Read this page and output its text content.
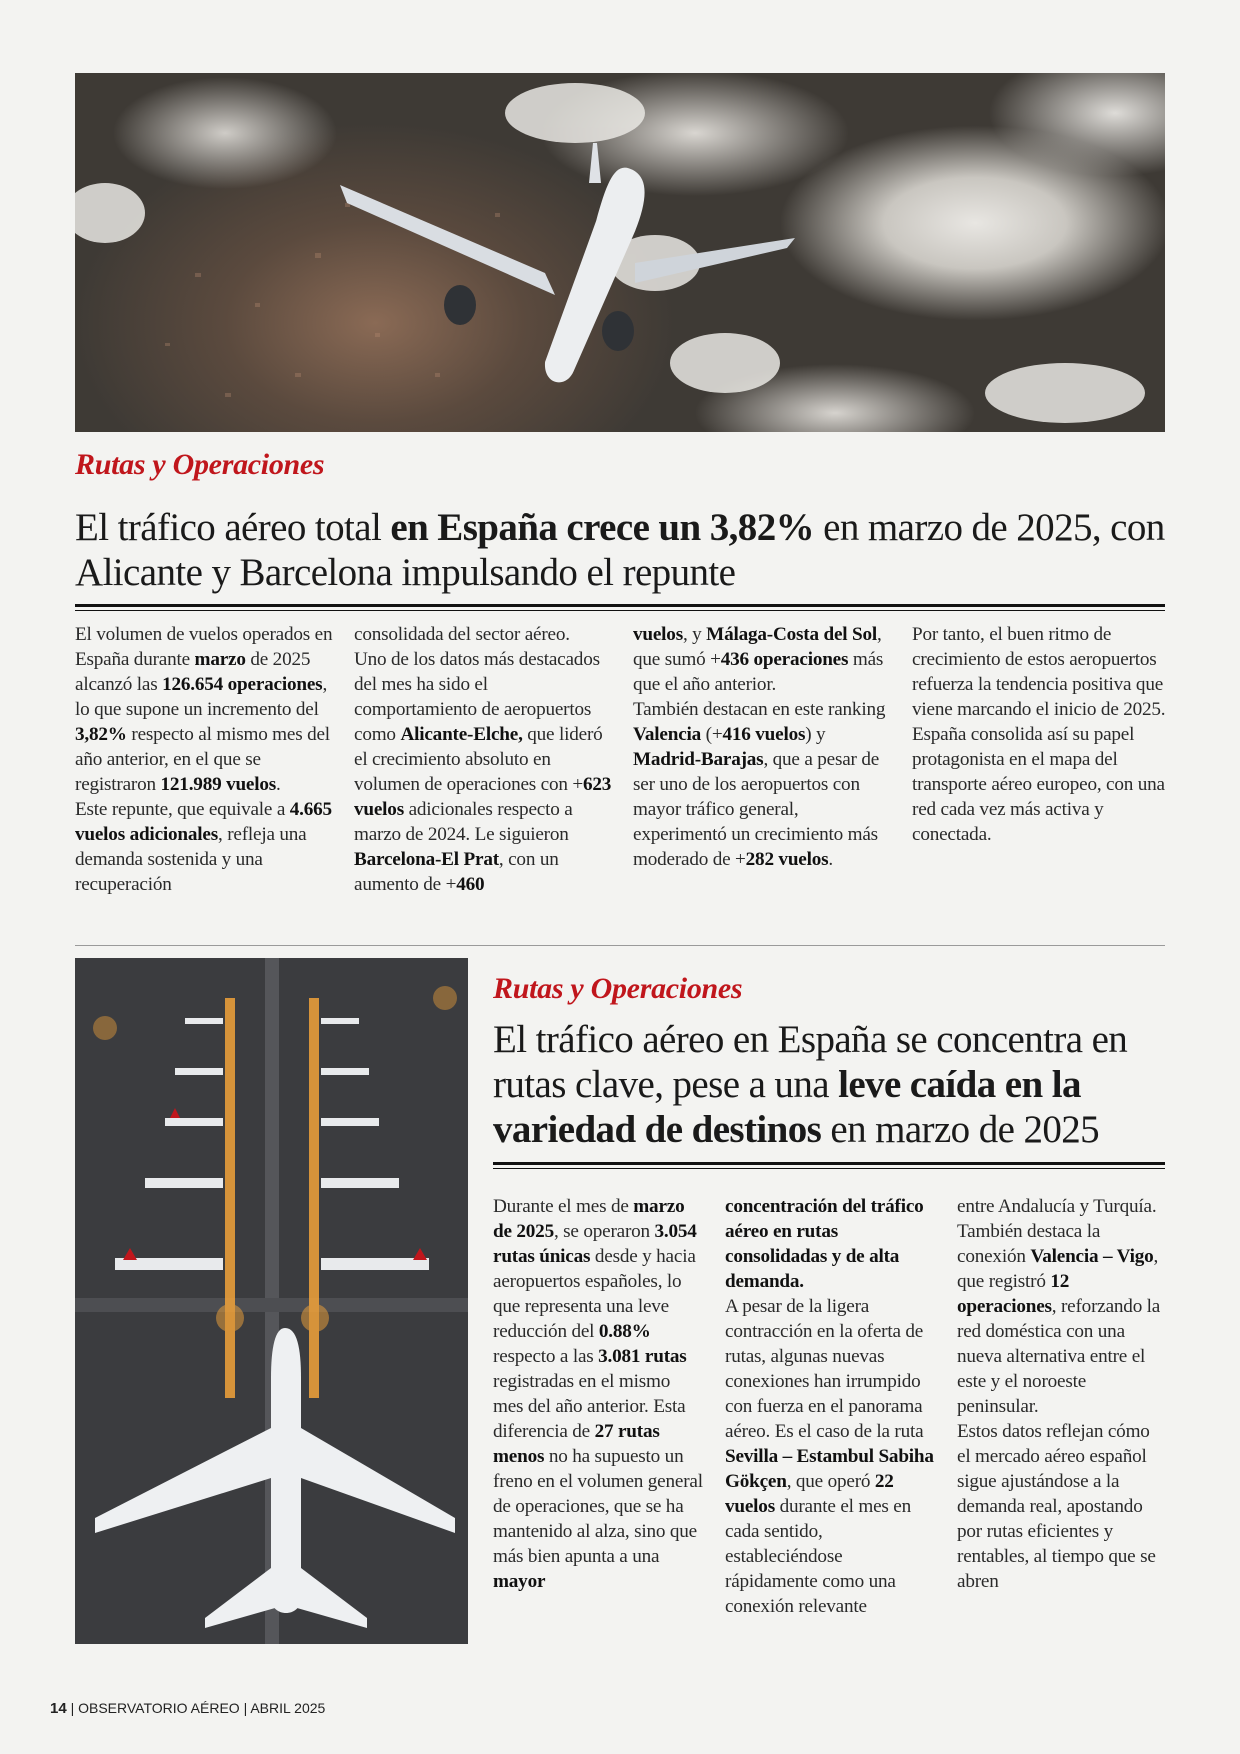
Rutas y Operaciones
El tráfico aéreo total en España crece un 3,82% en marzo de 2025, con Alicante y Barcelona impulsando el repunte
El volumen de vuelos operados en España durante marzo de 2025 alcanzó las 126.654 operaciones, lo que supone un incremento del 3,82% respecto al mismo mes del año anterior, en el que se registraron 121.989 vuelos.
Este repunte, que equivale a 4.665 vuelos adicionales, refleja una demanda sostenida y una recuperación
consolidada del sector aéreo.
Uno de los datos más destacados del mes ha sido el comportamiento de aeropuertos como Alicante-Elche, que lideró el crecimiento absoluto en volumen de operaciones con +623 vuelos adicionales respecto a marzo de 2024. Le siguieron Barcelona-El Prat, con un aumento de +460
vuelos, y Málaga-Costa del Sol, que sumó +436 operaciones más que el año anterior.
También destacan en este ranking Valencia (+416 vuelos) y Madrid-Barajas, que a pesar de ser uno de los aeropuertos con mayor tráfico general, experimentó un crecimiento más moderado de +282 vuelos.
Por tanto, el buen ritmo de crecimiento de estos aeropuertos refuerza la tendencia positiva que viene marcando el inicio de 2025. España consolida así su papel protagonista en el mapa del transporte aéreo europeo, con una red cada vez más activa y conectada.
Rutas y Operaciones
El tráfico aéreo en España se concentra en rutas clave, pese a una leve caída en la variedad de destinos en marzo de 2025
Durante el mes de marzo de 2025, se operaron 3.054 rutas únicas desde y hacia aeropuertos españoles, lo que representa una leve reducción del 0.88% respecto a las 3.081 rutas registradas en el mismo mes del año anterior. Esta diferencia de 27 rutas menos no ha supuesto un freno en el volumen general de operaciones, que se ha mantenido al alza, sino que más bien apunta a una mayor
concentración del tráfico aéreo en rutas consolidadas y de alta demanda.
A pesar de la ligera contracción en la oferta de rutas, algunas nuevas conexiones han irrumpido con fuerza en el panorama aéreo. Es el caso de la ruta Sevilla – Estambul Sabiha Gökçen, que operó 22 vuelos durante el mes en cada sentido, estableciéndose rápidamente como una conexión relevante
entre Andalucía y Turquía. También destaca la conexión Valencia – Vigo, que registró 12 operaciones, reforzando la red doméstica con una nueva alternativa entre el este y el noroeste peninsular.
Estos datos reflejan cómo el mercado aéreo español sigue ajustándose a la demanda real, apostando por rutas eficientes y rentables, al tiempo que se abren
14 | OBSERVATORIO AÉREO | ABRIL 2025
